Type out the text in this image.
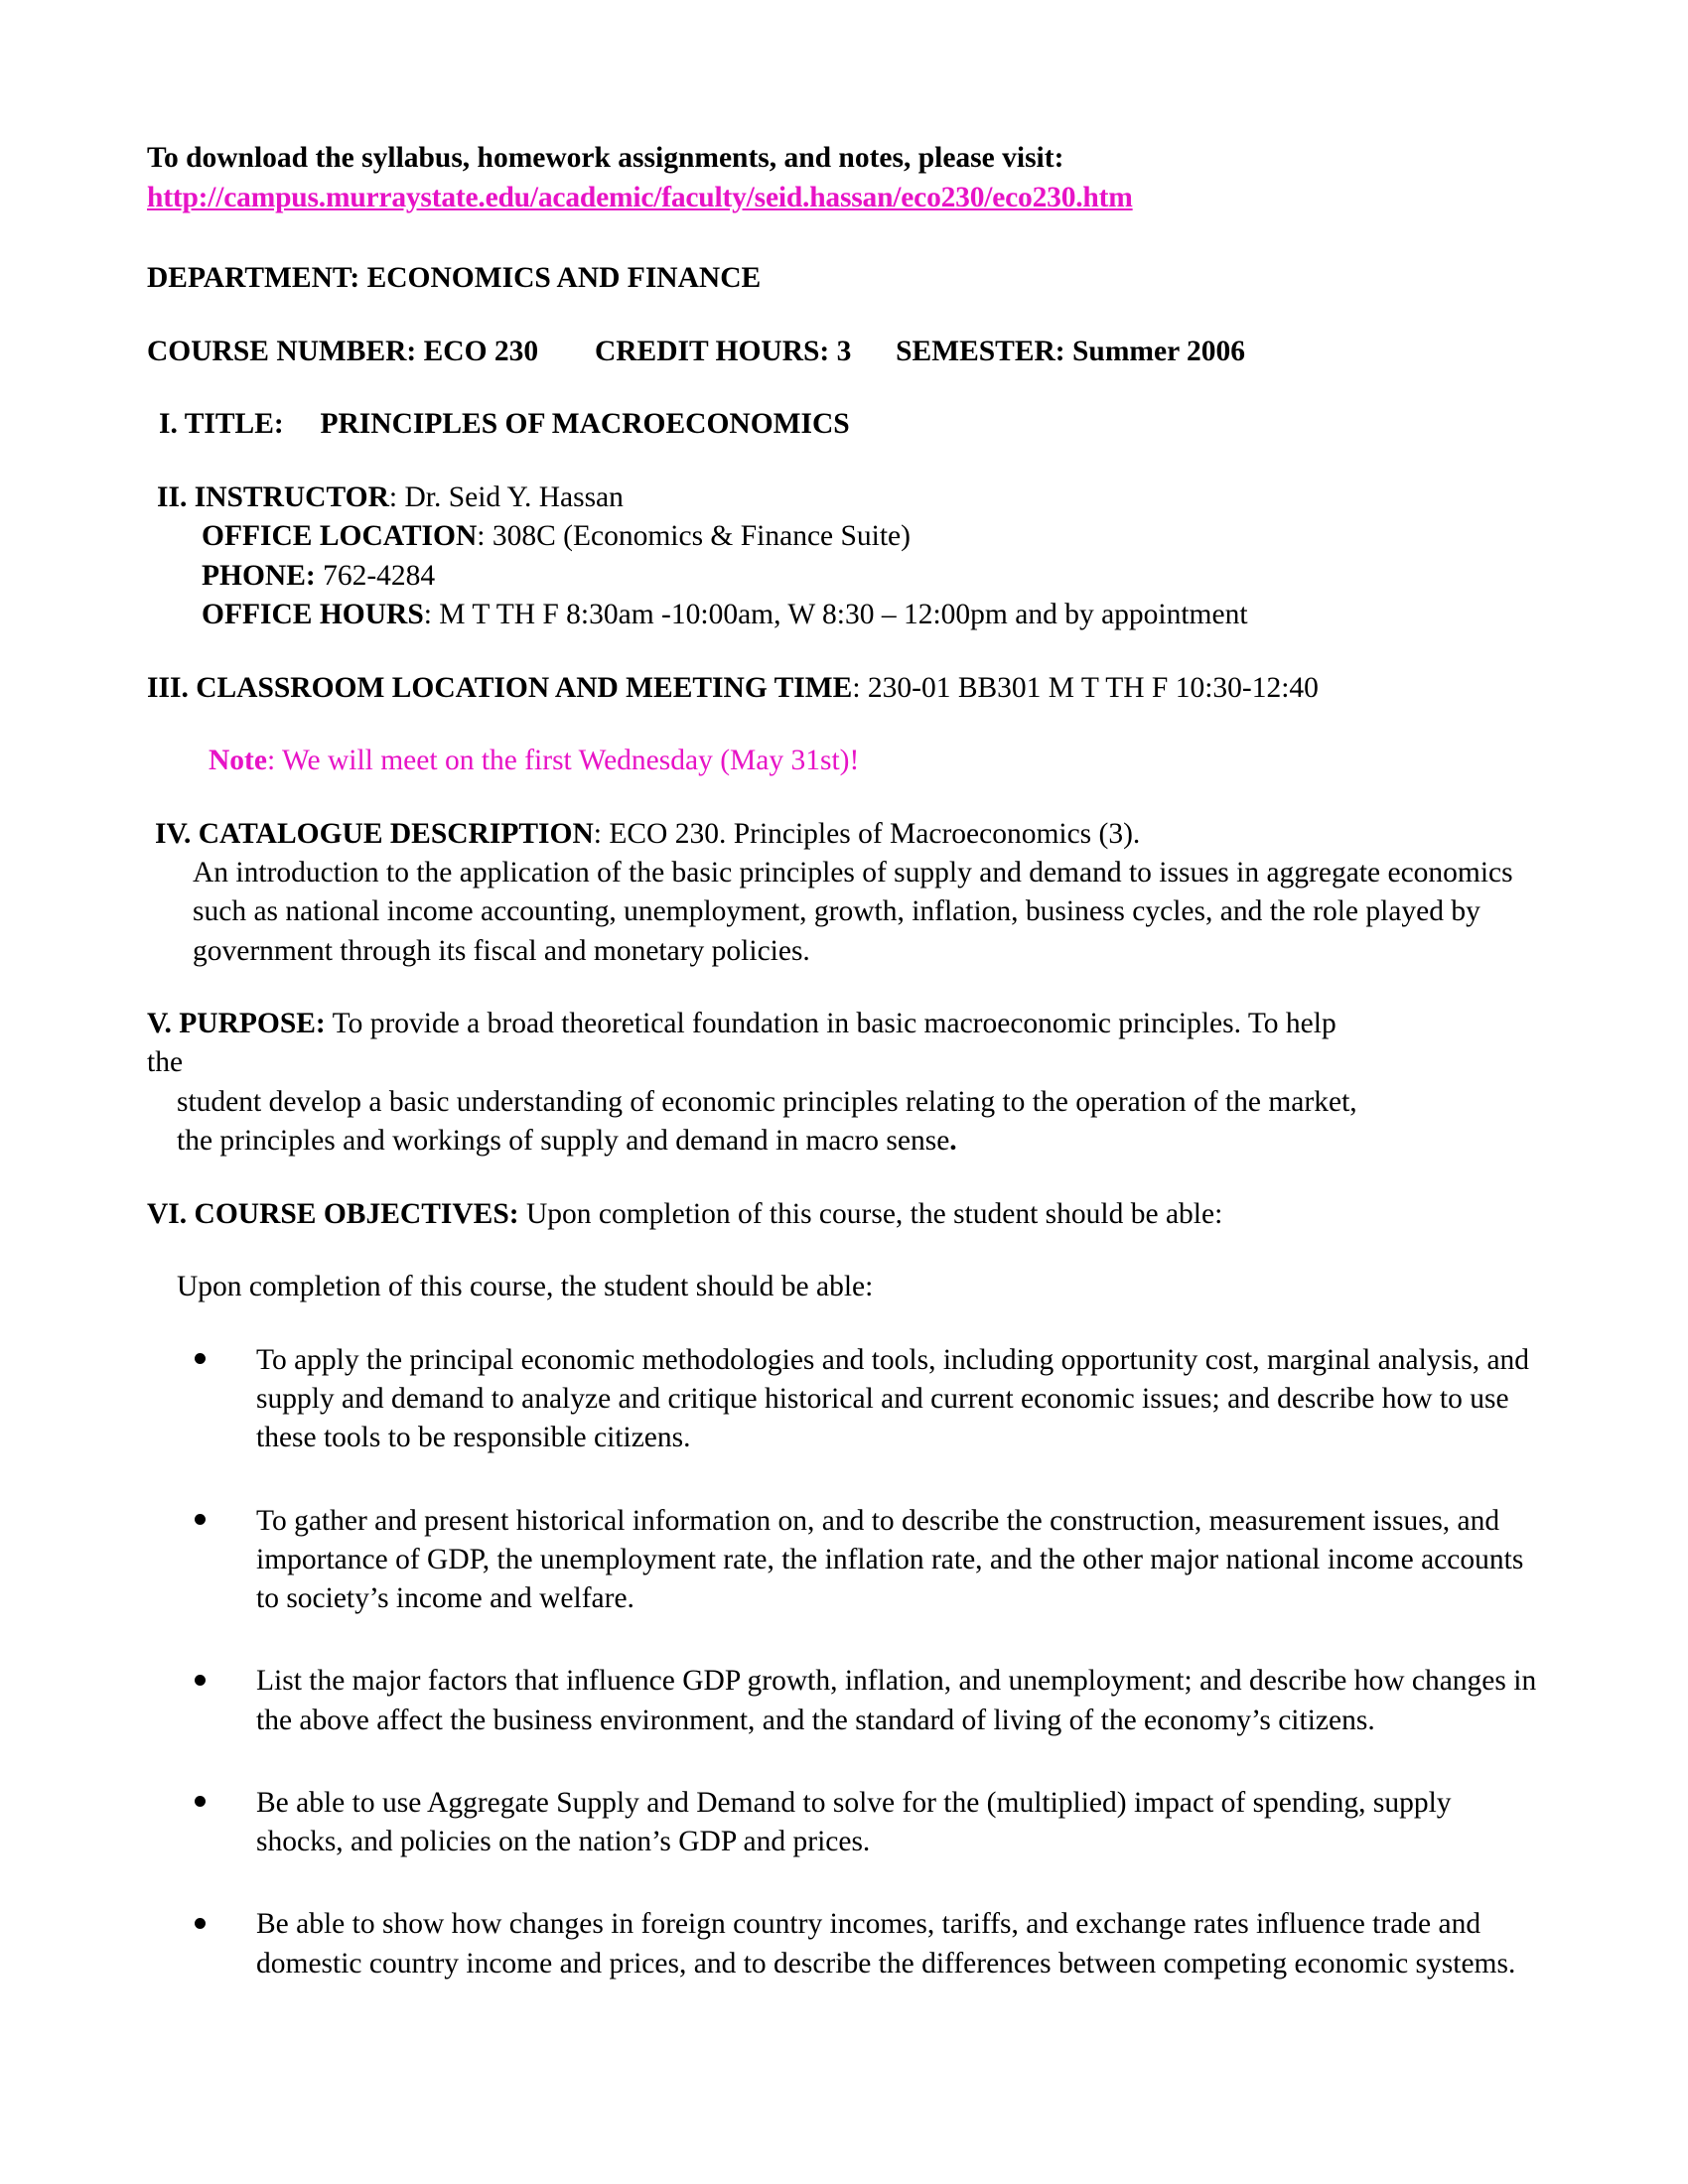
To download the syllabus, homework assignments, and notes, please visit:

http://campus.murraystate.edu/academic/faculty/seid.hassan/eco230/eco230.htm

DEPARTMENT: ECONOMICS AND FINANCE

COURSE NUMBER: ECO 230 CREDIT HOURS: 3 SEMESTER: Summer 2006

I. TITLE: PRINCIPLES OF MACROECONOMICS

II. INSTRUCTOR: Dr. Seid Y. Hassan

OFFICE LOCATION: 308C (Economics & Finance Suite)

PHONE: 762-4284

OFFICE HOURS: M T TH F 8:30am -10:00am, W 8:30 – 12:00pm and by appointment

III. CLASSROOM LOCATION AND MEETING TIME: 230-01 BB301 M T TH F 10:30-12:40

Note: We will meet on the first Wednesday (May 31st)!

IV. CATALOGUE DESCRIPTION: ECO 230. Principles of Macroeconomics (3).

An introduction to the application of the basic principles of supply and demand to issues in aggregate economics such as national income accounting, unemployment, growth, inflation, business cycles, and the role played by government through its fiscal and monetary policies.

V. PURPOSE: To provide a broad theoretical foundation in basic macroeconomic principles. To help

the

student develop a basic understanding of economic principles relating to the operation of the market,

the principles and workings of supply and demand in macro sense.

VI. COURSE OBJECTIVES: Upon completion of this course, the student should be able:

Upon completion of this course, the student should be able:

To apply the principal economic methodologies and tools, including opportunity cost, marginal analysis, and supply and demand to analyze and critique historical and current economic issues; and describe how to use these tools to be responsible citizens.
To gather and present historical information on, and to describe the construction, measurement issues, and importance of GDP, the unemployment rate, the inflation rate, and the other major national income accounts to society’s income and welfare.
List the major factors that influence GDP growth, inflation, and unemployment; and describe how changes in the above affect the business environment, and the standard of living of the economy’s citizens.
Be able to use Aggregate Supply and Demand to solve for the (multiplied) impact of spending, supply shocks, and policies on the nation’s GDP and prices.
Be able to show how changes in foreign country incomes, tariffs, and exchange rates influence trade and domestic country income and prices, and to describe the differences between competing economic systems.
